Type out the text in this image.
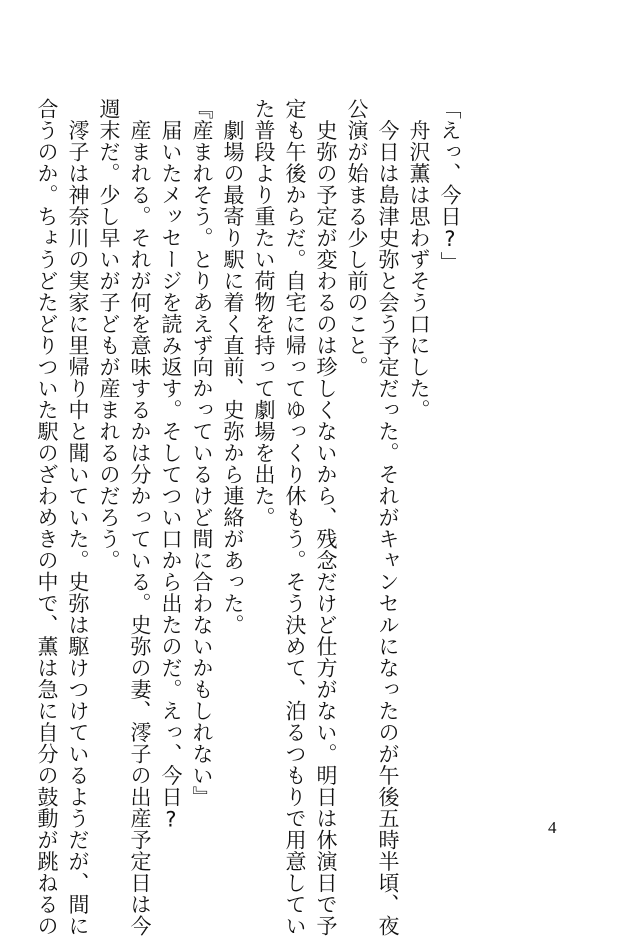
「えっ、今日?」
　舟沢薫は思わずそう口にした。
　今日は島津史弥と会う予定だった。それがキャンセルになったのが午後五時半頃、夜
公演が始まる少し前のこと。
　史弥の予定が変わるのは珍しくないから、残念だけど仕方がない。明日は休演日で予
定も午後からだ。自宅に帰ってゆっくり休もう。そう決めて、泊るつもりで用意してい
た普段より重たい荷物を持って劇場を出た。
　劇場の最寄り駅に着く直前、史弥から連絡があった。
『産まれそう。とりあえず向かっているけど間に合わないかもしれない』
　届いたメッセージを読み返す。そしてつい口から出たのだ。えっ、今日?
　産まれる。それが何を意味するかは分かっている。史弥の妻、澪子の出産予定日は今
週末だ。少し早いが子どもが産まれるのだろう。
　澪子は神奈川の実家に里帰り中と聞いていた。史弥は駆けつけているようだが、間に
合うのか。ちょうどたどりついた駅のざわめきの中で、薫は急に自分の鼓動が跳ねるの	4
